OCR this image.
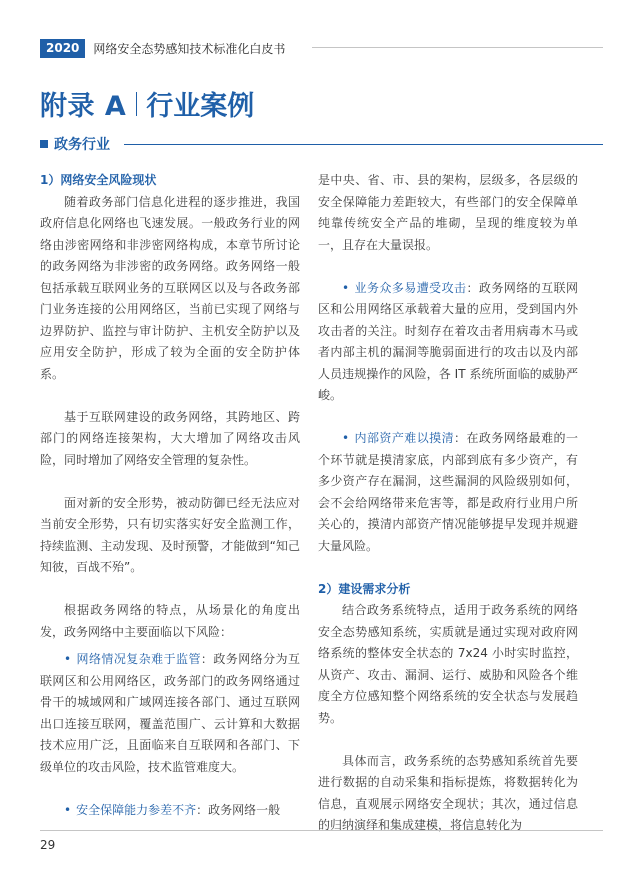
2020	网络安全态势感知技术标准化白皮书
附录 A 行业案例
政务行业

1）网络安全风险现状

随着政务部门信息化进程的逐步推进，我国政府信息化网络也飞速发展。一般政务行业的网络由涉密网络和非涉密网络构成，本章节所讨论的政务网络为非涉密的政务网络。政务网络一般包括承载互联网业务的互联网区以及与各政务部门业务连接的公用网络区，当前已实现了网络与边界防护、监控与审计防护、主机安全防护以及应用安全防护，形成了较为全面的安全防护体系。

基于互联网建设的政务网络，其跨地区、跨部门的网络连接架构，大大增加了网络攻击风险，同时增加了网络安全管理的复杂性。

面对新的安全形势，被动防御已经无法应对当前安全形势，只有切实落实好安全监测工作，持续监测、主动发现、及时预警，才能做到“知己知彼，百战不殆”。

根据政务网络的特点，从场景化的角度出发，政务网络中主要面临以下风险：

• 网络情况复杂难于监管：政务网络分为互联网区和公用网络区，政务部门的政务网络通过骨干的城域网和广域网连接各部门、通过互联网出口连接互联网，覆盖范围广、云计算和大数据技术应用广泛，且面临来自互联网和各部门、下级单位的攻击风险，技术监管难度大。

• 安全保障能力参差不齐：政务网络一般

是中央、省、市、县的架构，层级多，各层级的安全保障能力差距较大，有些部门的安全保障单纯靠传统安全产品的堆砌，呈现的维度较为单一，且存在大量误报。

• 业务众多易遭受攻击：政务网络的互联网区和公用网络区承载着大量的应用，受到国内外攻击者的关注。时刻存在着攻击者用病毒木马或者内部主机的漏洞等脆弱面进行的攻击以及内部人员违规操作的风险，各 IT 系统所面临的威胁严峻。

• 内部资产难以摸清：在政务网络最难的一个环节就是摸清家底，内部到底有多少资产，有多少资产存在漏洞，这些漏洞的风险级别如何，会不会给网络带来危害等，都是政府行业用户所关心的，摸清内部资产情况能够提早发现并规避大量风险。

2）建设需求分析

结合政务系统特点，适用于政务系统的网络安全态势感知系统，实质就是通过实现对政府网络系统的整体安全状态的 7x24 小时实时监控，从资产、攻击、漏洞、运行、威胁和风险各个维度全方位感知整个网络系统的安全状态与发展趋势。

具体而言，政务系统的态势感知系统首先要进行数据的自动采集和指标提炼，将数据转化为信息，直观展示网络安全现状；其次，通过信息的归纳演绎和集成建模，将信息转化为

29
